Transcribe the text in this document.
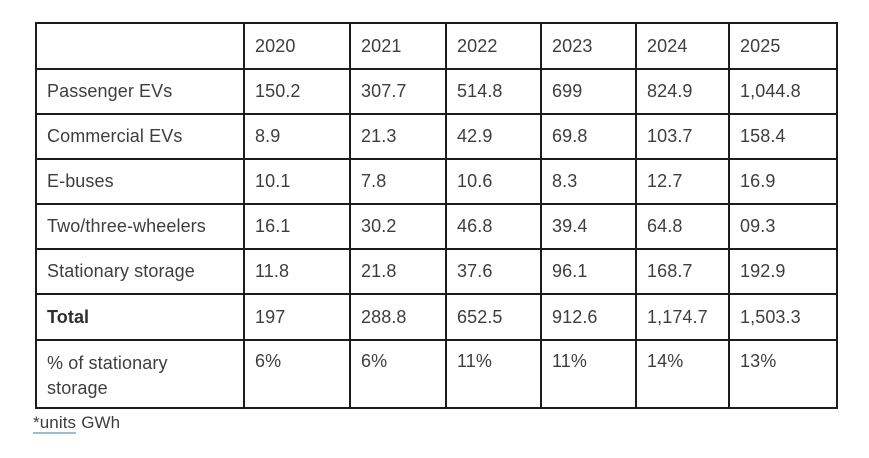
	2020	2021	2022	2023	2024	2025
Passenger EVs	150.2	307.7	514.8	699	824.9	1,044.8
Commercial EVs	8.9	21.3	42.9	69.8	103.7	158.4
E-buses	10.1	7.8	10.6	8.3	12.7	16.9
Two/three-wheelers	16.1	30.2	46.8	39.4	64.8	09.3
Stationary storage	11.8	21.8	37.6	96.1	168.7	192.9
Total	197	288.8	652.5	912.6	1,174.7	1,503.3
% of stationary storage	6%	6%	11%	11%	14%	13%
*units GWh
